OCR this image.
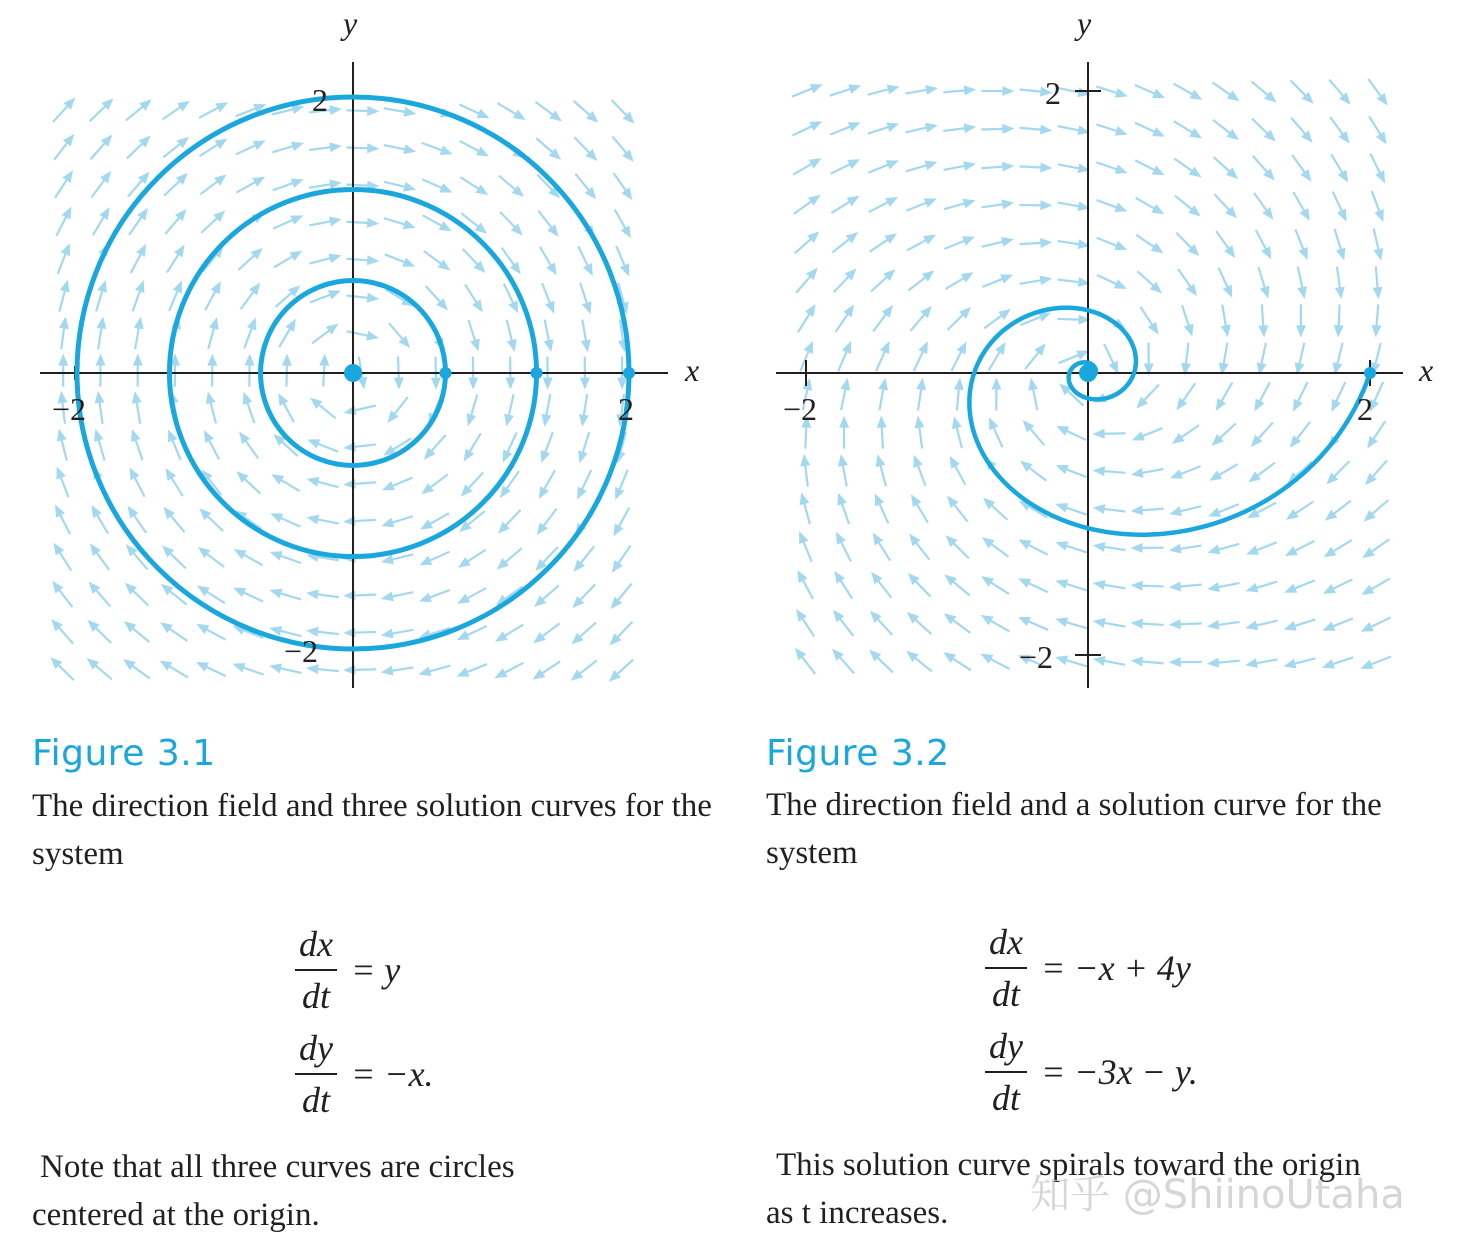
x
y
−2	2
2
−2
x
y
−2	2
2
−2
Figure 3.1

The direction field and three solution curves for the system

$\frac{dx}{dt} = y$
$\frac{dy}{dt} = -x$.

Note that all three curves are circles centered at the origin.

Figure 3.2

The direction field and a solution curve for the system

$\frac{dx}{dt} = -x + 4y$
$\frac{dy}{dt} = -3x - y$.

This solution curve spirals toward the origin as t increases.	知乎 @ShiinoUtaha
